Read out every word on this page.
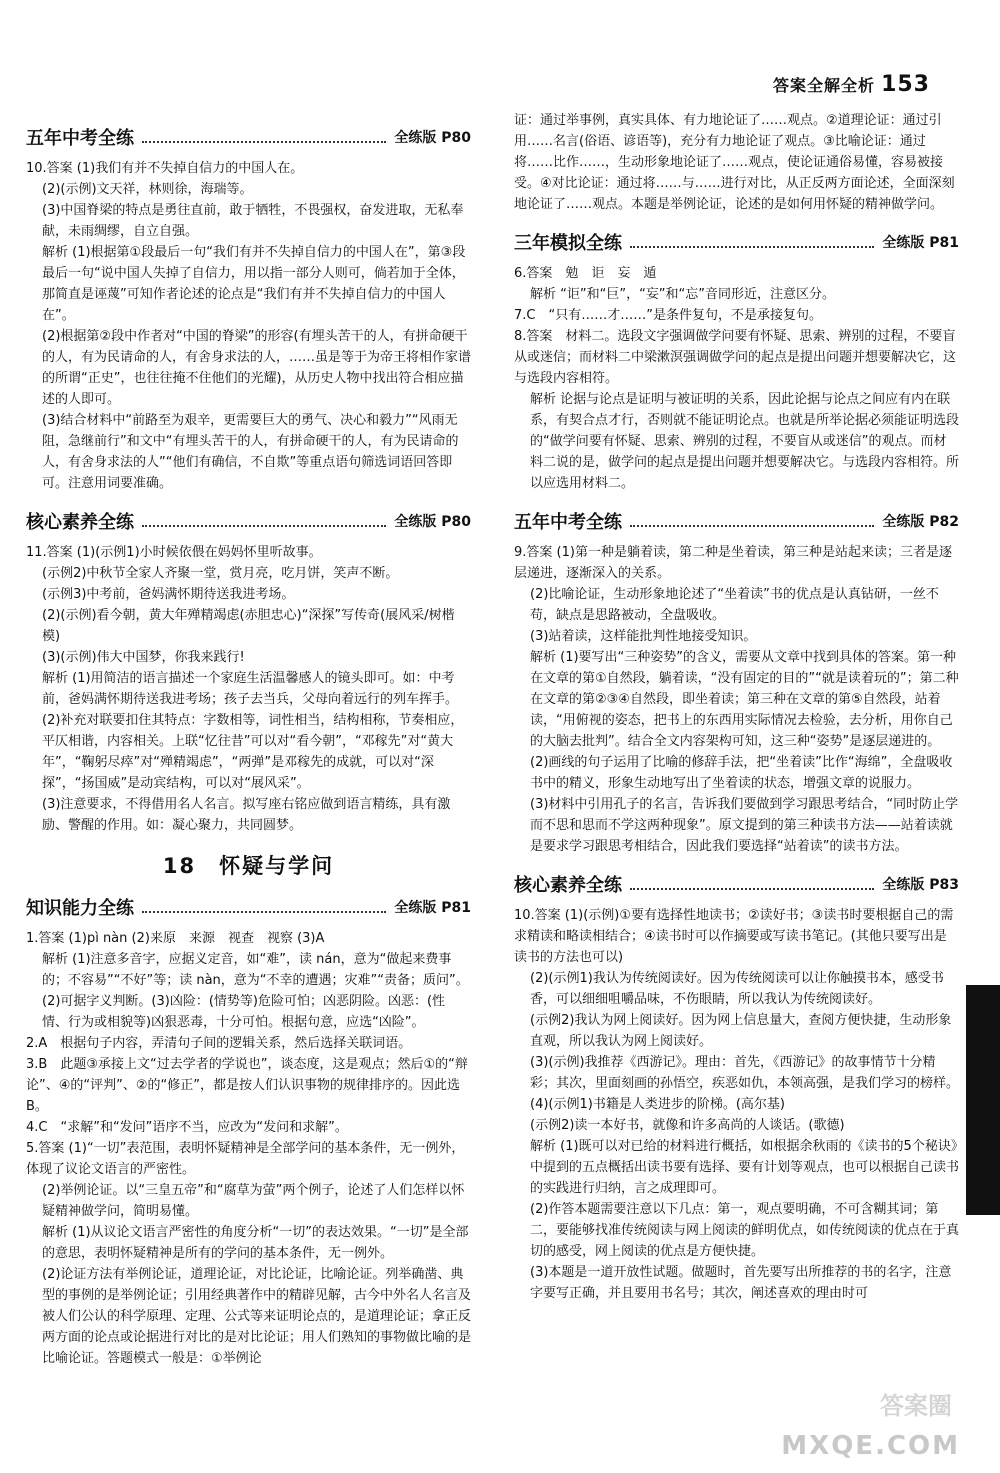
答案全解全析 153
五年中考全练	全练版 P80

10.答案 (1)我们有并不失掉自信力的中国人在。

(2)(示例)文天祥，林则徐，海瑞等。

(3)中国脊梁的特点是勇往直前，敢于牺牲，不畏强权，奋发进取，无私奉献，未雨绸缪，自立自强。

解析 (1)根据第①段最后一句“我们有并不失掉自信力的中国人在”，第③段最后一句“说中国人失掉了自信力，用以指一部分人则可，倘若加于全体，那简直是诬蔑”可知作者论述的论点是“我们有并不失掉自信力的中国人在”。

(2)根据第②段中作者对“中国的脊梁”的形容(有埋头苦干的人，有拼命硬干的人，有为民请命的人，有舍身求法的人，……虽是等于为帝王将相作家谱的所谓“正史”，也往往掩不住他们的光耀)，从历史人物中找出符合相应描述的人即可。

(3)结合材料中“前路至为艰辛，更需要巨大的勇气、决心和毅力”“风雨无阻，急继前行”和文中“有埋头苦干的人，有拼命硬干的人，有为民请命的人，有舍身求法的人”“他们有确信，不自欺”等重点语句筛选词语回答即可。注意用词要准确。

核心素养全练	全练版 P80

11.答案 (1)(示例1)小时候依偎在妈妈怀里听故事。

(示例2)中秋节全家人齐聚一堂，赏月亮，吃月饼，笑声不断。

(示例3)中考前，爸妈满怀期待送我进考场。

(2)(示例)看今朝，黄大年殚精竭虑(赤胆忠心)“深探”写传奇(展风采/树楷模)

(3)(示例)伟大中国梦，你我来践行!

解析 (1)用简洁的语言描述一个家庭生活温馨感人的镜头即可。如：中考前，爸妈满怀期待送我进考场；孩子去当兵，父母向着远行的列车挥手。

(2)补充对联要扣住其特点：字数相等，词性相当，结构相称，节奏相应，平仄相谐，内容相关。上联“忆往昔”可以对“看今朝”，“邓稼先”对“黄大年”，“鞠躬尽瘁”对“殚精竭虑”，“两弹”是邓稼先的成就，可以对“深探”，“扬国威”是动宾结构，可以对“展风采”。

(3)注意要求，不得借用名人名言。拟写座右铭应做到语言精练，具有激励、警醒的作用。如：凝心聚力，共同圆梦。

18　怀疑与学问
知识能力全练	全练版 P81

1.答案 (1)pì nàn (2)来原　来源　视查　视察 (3)A

解析 (1)注意多音字，应据义定音，如“难”，读 nán，意为“做起来费事的；不容易”“不好”等；读 nàn，意为“不幸的遭遇；灾难”“责备；质问”。(2)可据字义判断。(3)凶险：(情势等)危险可怕；凶恶阴险。凶恶：(性情、行为或相貌等)凶狠恶毒，十分可怕。根据句意，应选“凶险”。

2.A　根据句子内容，弄清句子间的逻辑关系，然后选择关联词语。

3.B　此题③承接上文“过去学者的学说也”，谈态度，这是观点；然后①的“辩论”、④的“评判”、②的“修正”，都是按人们认识事物的规律排序的。因此选 B。

4.C　“求解”和“发问”语序不当，应改为“发问和求解”。

5.答案 (1)“一切”表范围，表明怀疑精神是全部学问的基本条件，无一例外，体现了议论文语言的严密性。

(2)举例论证。以“三皇五帝”和“腐草为萤”两个例子，论述了人们怎样以怀疑精神做学问，简明易懂。

解析 (1)从议论文语言严密性的角度分析“一切”的表达效果。“一切”是全部的意思，表明怀疑精神是所有的学问的基本条件，无一例外。

(2)论证方法有举例论证，道理论证，对比论证，比喻论证。列举确凿、典型的事例的是举例论证；引用经典著作中的精辟见解，古今中外名人名言及被人们公认的科学原理、定理、公式等来证明论点的，是道理论证；拿正反两方面的论点或论据进行对比的是对比论证；用人们熟知的事物做比喻的是比喻论证。答题模式一般是：①举例论

证：通过举事例，真实具体、有力地论证了……观点。②道理论证：通过引用……名言(俗语、谚语等)，充分有力地论证了观点。③比喻论证：通过将……比作……，生动形象地论证了……观点，使论证通俗易懂，容易被接受。④对比论证：通过将……与……进行对比，从正反两方面论述，全面深刻地论证了……观点。本题是举例论证，论述的是如何用怀疑的精神做学问。

三年模拟全练	全练版 P81

6.答案　勉　讵　妄　遁

解析 “讵”和“巨”，“妄”和“忘”音同形近，注意区分。

7.C　“只有……才……”是条件复句，不是承接复句。

8.答案　材料二。选段文字强调做学问要有怀疑、思索、辨别的过程，不要盲从或迷信；而材料二中梁漱溟强调做学问的起点是提出问题并想要解决它，这与选段内容相符。

解析 论据与论点是证明与被证明的关系，因此论据与论点之间应有内在联系，有契合点才行，否则就不能证明论点。也就是所举论据必须能证明选段的“做学问要有怀疑、思索、辨别的过程，不要盲从或迷信”的观点。而材料二说的是，做学问的起点是提出问题并想要解决它。与选段内容相符。所以应选用材料二。

五年中考全练	全练版 P82

9.答案 (1)第一种是躺着读，第二种是坐着读，第三种是站起来读；三者是逐层递进，逐渐深入的关系。

(2)比喻论证，生动形象地论述了“坐着读”书的优点是认真钻研，一丝不苟，缺点是思路被动，全盘吸收。

(3)站着读，这样能批判性地接受知识。

解析 (1)要写出“三种姿势”的含义，需要从文章中找到具体的答案。第一种在文章的第①自然段，躺着读，“没有固定的目的”“就是读着玩的”；第二种在文章的第②③④自然段，即坐着读；第三种在文章的第⑤自然段，站着读，“用俯视的姿态，把书上的东西用实际情况去检验，去分析，用你自己的大脑去批判”。结合全文内容架构可知，这三种“姿势”是逐层递进的。

(2)画线的句子运用了比喻的修辞手法，把“坐着读”比作“海绵”，全盘吸收书中的精义，形象生动地写出了坐着读的状态，增强文章的说服力。

(3)材料中引用孔子的名言，告诉我们要做到学习跟思考结合，“同时防止学而不思和思而不学这两种现象”。原文提到的第三种读书方法——站着读就是要求学习跟思考相结合，因此我们要选择“站着读”的读书方法。

核心素养全练	全练版 P83

10.答案 (1)(示例)①要有选择性地读书；②读好书；③读书时要根据自己的需求精读和略读相结合；④读书时可以作摘要或写读书笔记。(其他只要写出是读书的方法也可以)

(2)(示例1)我认为传统阅读好。因为传统阅读可以让你触摸书本，感受书香，可以细细咀嚼品味，不伤眼睛，所以我认为传统阅读好。

(示例2)我认为网上阅读好。因为网上信息量大，查阅方便快捷，生动形象直观，所以我认为网上阅读好。

(3)(示例)我推荐《西游记》。理由：首先，《西游记》的故事情节十分精彩；其次，里面刻画的孙悟空，疾恶如仇，本领高强，是我们学习的榜样。

(4)(示例1)书籍是人类进步的阶梯。(高尔基)

(示例2)读一本好书，就像和许多高尚的人谈话。(歌德)

解析 (1)既可以对已给的材料进行概括，如根据余秋雨的《读书的5个秘诀》中提到的五点概括出读书要有选择、要有计划等观点，也可以根据自己读书的实践进行归纳，言之成理即可。

(2)作答本题需要注意以下几点：第一，观点要明确，不可含糊其词；第二，要能够找准传统阅读与网上阅读的鲜明优点，如传统阅读的优点在于真切的感受，网上阅读的优点是方便快捷。

(3)本题是一道开放性试题。做题时，首先要写出所推荐的书的名字，注意字要写正确，并且要用书名号；其次，阐述喜欢的理由时可

答案圈
MXQE.COM
